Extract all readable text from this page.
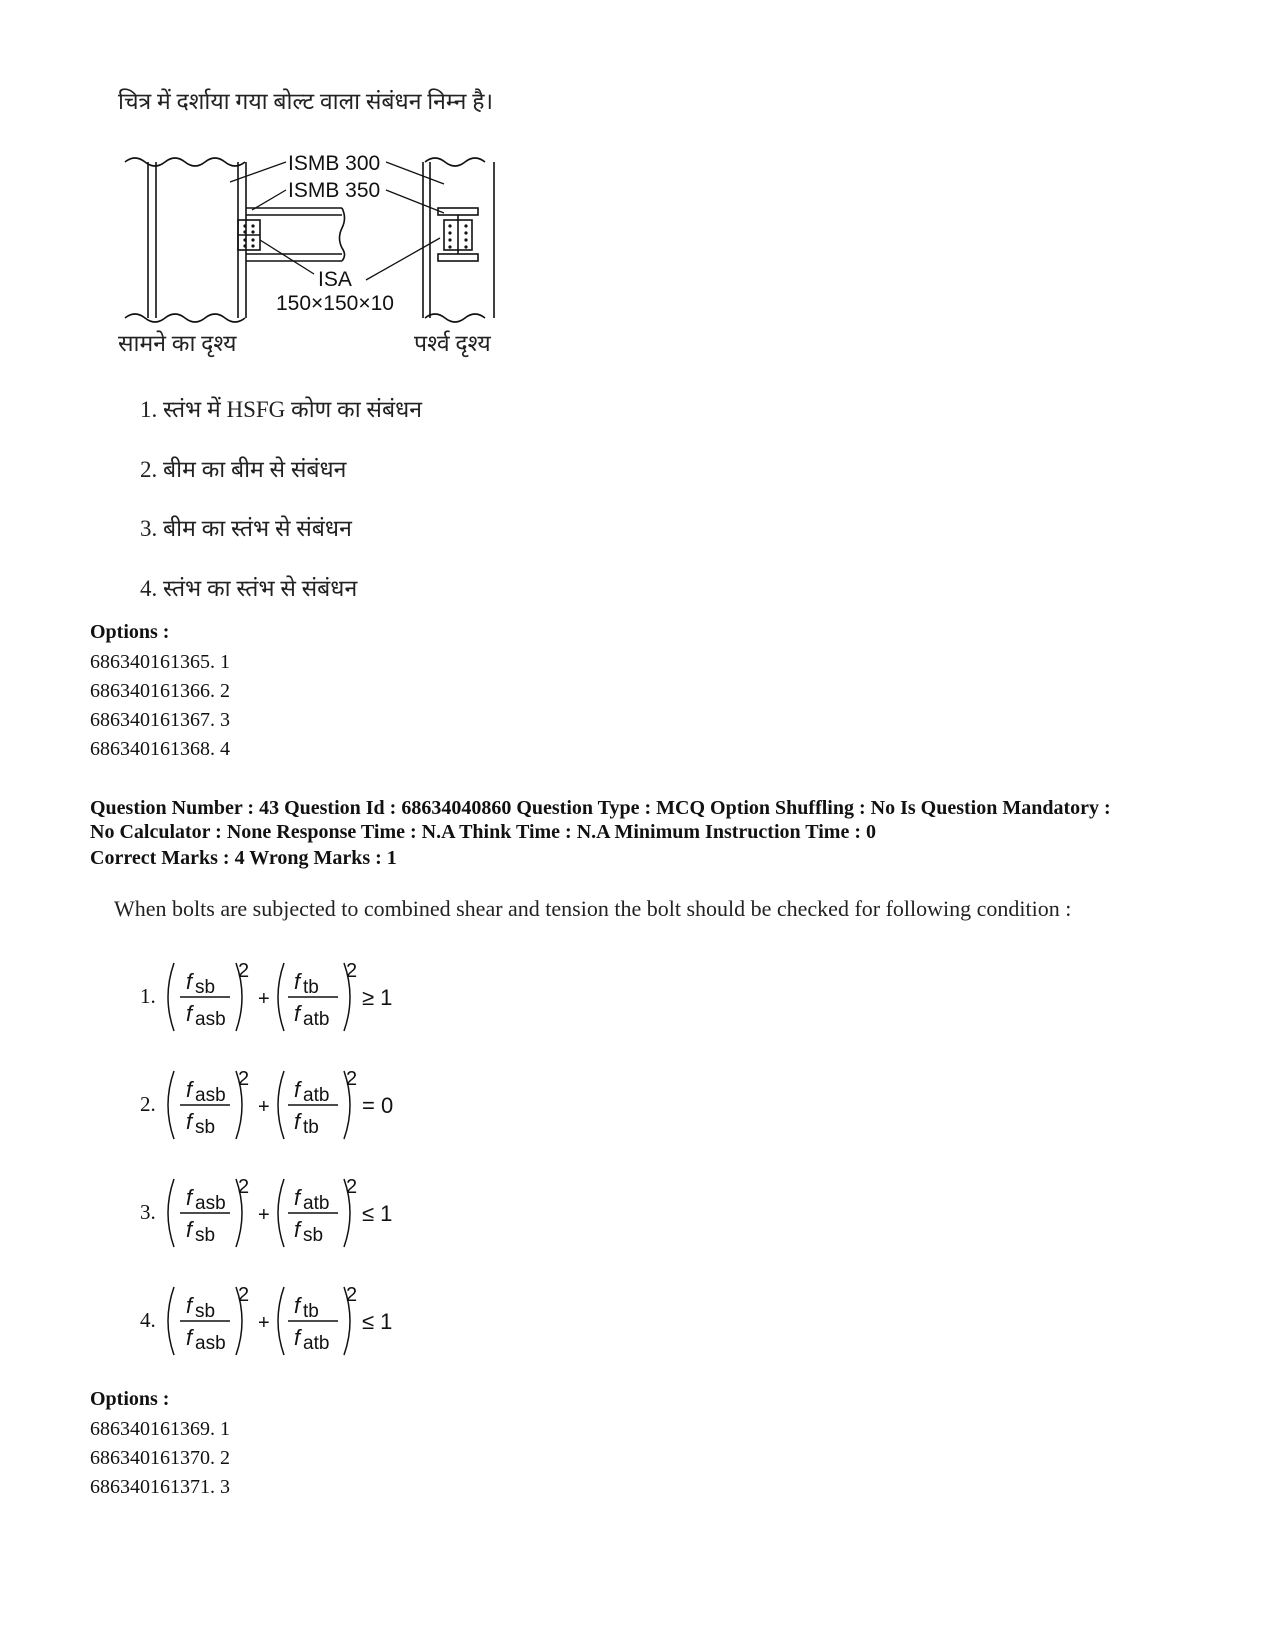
चित्र में दर्शाया गया बोल्ट वाला संबंधन निम्न है।
ISMB 300
ISMB 350
ISA
150×150×10
सामने का दृश्य	पर्श्व दृश्य
1. स्तंभ में HSFG कोण का संबंधन
2. बीम का बीम से संबंधन
3. बीम का स्तंभ से संबंधन
4. स्तंभ का स्तंभ से संबंधन
Options :
686340161365. 1
686340161366. 2
686340161367. 3
686340161368. 4
Question Number : 43 Question Id : 68634040860 Question Type : MCQ Option Shuffling : No Is Question Mandatory :
No Calculator : None Response Time : N.A Think Time : N.A Minimum Instruction Time : 0
Correct Marks : 4 Wrong Marks : 1
When bolts are subjected to combined shear and tension the bolt should be checked for following condition :
1.
f sb
f asb
2
+
f tb
f atb
2
≥ 1
2.
f asb
f sb
2
+
f atb
f tb
2
= 0
3.
f asb
f sb
2
+
f atb
f sb
2
≤ 1
4.
f sb
f asb
2
+
f tb
f atb
2
≤ 1
Options :
686340161369. 1
686340161370. 2
686340161371. 3
